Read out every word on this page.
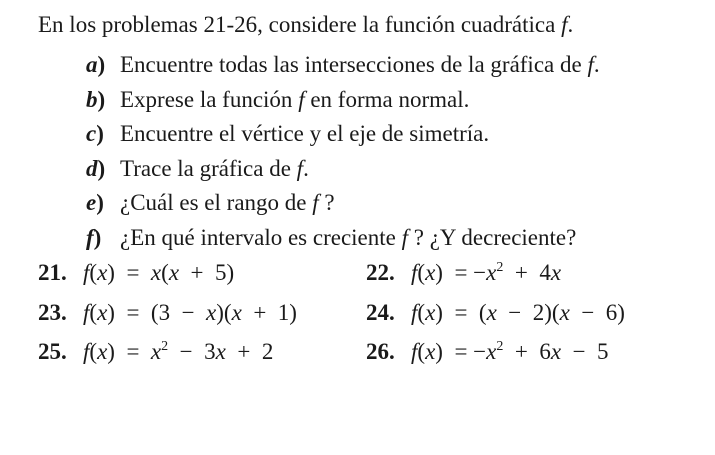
En los problemas 21-26, considere la función cuadrática f.
a) Encuentre todas las intersecciones de la gráfica de f.
b) Exprese la función f en forma normal.
c) Encuentre el vértice y el eje de simetría.
d) Trace la gráfica de f.
e) ¿Cuál es el rango de f ?
f) ¿En qué intervalo es creciente f ? ¿Y decreciente?
21. f(x) = x(x + 5)	22. f(x) = $-x^2$ + 4x
23. f(x) = (3 − x)(x + 1)	24. f(x) = (x − 2)(x − 6)
25. f(x) = $x^2$ − 3x + 2	26. f(x) = $-x^2$ + 6x − 5
